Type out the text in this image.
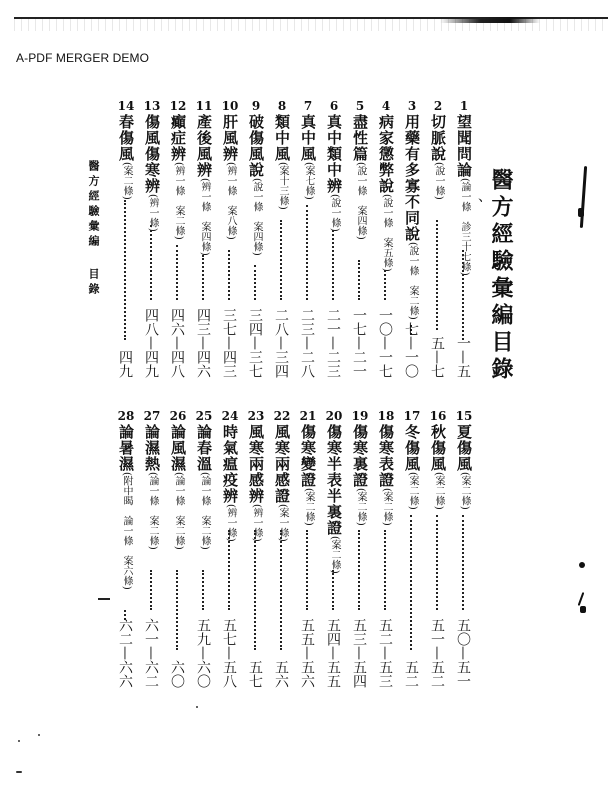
A-PDF MERGER DEMO
醫方經驗彙編目錄
、
醫方經驗彙編目錄
1
望聞問論(論一條　診三十七條)
一—五
2
切脈說(說一條)
五—七
3
用藥有多寡不同說(說一條　案二條)
七—一〇
4
病家懲弊說(說一條　案五條)
一〇—一七
5
盡性篇(說一條　案四條)
一七—二一
6
真中類中辨(說一條)
二一—二三
7
真中風(案七條)
二三—二八
8
類中風(案十三條)
二八—三四
9
破傷風說(說一條　案四條)
三四—三七
10
肝風辨(辨一條　案八條)
三七—四三
11
產後風辨(辨一條　案四條)
四三—四六
12
癲症辨(辨一條　案二條)
四六—四八
13
傷風傷寒辨(辨一條)
四八—四九
14
春傷風(案二條)
四九
15
夏傷風(案二條)
五〇—五一
16
秋傷風(案二條)
五一—五二
17
冬傷風(案二條)
五二
18
傷寒表證(案二條)
五二—五三
19
傷寒裏證(案二條)
五三—五四
20
傷寒半表半裏證(案二條)
五四—五五
21
傷寒變證(案二條)
五五—五六
22
風寒兩感證(案一條)
五六
23
風寒兩感辨(辨一條)
五七
24
時氣瘟疫辨(辨一條)
五七—五八
25
論春溫(論一條　案二條)
五九—六〇
26
論風濕(論一條　案二條)
六〇
27
論濕熱(論一條　案二條)
六一—六二
28
論暑濕(附中暍　論一條　案六條)
六二—六六
